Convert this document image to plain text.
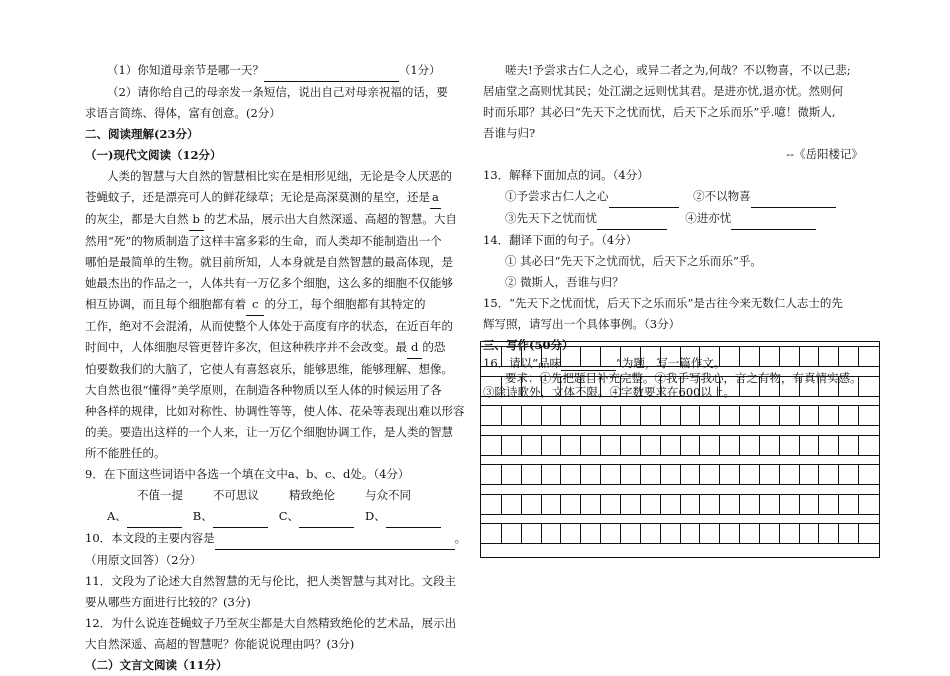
（1）你知道母亲节是哪一天？	（1分）
（2）请你给自己的母亲发一条短信，说出自己对母亲祝福的话，要
求语言简练、得体，富有创意。(2分）
二、阅读理解(23分）
（一)现代文阅读（12分）
人类的智慧与大自然的智慧相比实在是相形见绌，无论是令人厌恶的
苍蝇蚊子，还是漂亮可人的鲜花绿草；无论是高深莫测的星空，还是 a
的灰尘，都是大自然 b 的艺术品，展示出大自然深遥、高超的智慧。大自
然用“死”的物质制造了这样丰富多彩的生命，而人类却不能制造出一个
哪怕是最简单的生物。就目前所知，人本身就是自然智慧的最高体现，是
她最杰出的作品之一，人体共有一万亿多个细胞，这么多的细胞不仅能够
相互协调，而且每个细胞都有着 c 的分工，每个细胞都有其特定的
工作，绝对不会混淆，从而使整个人体处于高度有序的状态，在近百年的
时间中，人体细胞尽管更替许多次，但这种秩序并不会改变。最 d 的恐
怕要数我们的大脑了，它使人有喜怒哀乐，能够思维，能够理解、想像。
大自然也很“懂得”美学原则，在制造各种物质以至人体的时候运用了各
种各样的规律，比如对称性、协调性等等，使人体、花朵等表现出难以形容
的美。要造出这样的一个人来，让一万亿个细胞协调工作，是人类的智慧
所不能胜任的。
9．在下面这些词语中各选一个填在文中a、b、c、d处。（4分）
不值一提	不可思议	精致绝伦	与众不同
A、	B、	C、	D、
10．本文段的主要内容是	。
（用原文回答）（2分）
11．文段为了论述大自然智慧的无与伦比，把人类智慧与其对比。文段主
要从哪些方面进行比较的？(3分)
12．为什么说连苍蝇蚊子乃至灰尘都是大自然精致绝伦的艺术品，展示出
大自然深遥、高超的智慧呢？你能说说理由吗？(3分)
（二）文言文阅读（11分）
嗟夫!予尝求古仁人之心，或异二者之为,何哉？不以物喜，不以己悲;
居庙堂之高则忧其民；处江湖之远则忧其君。是进亦忧,退亦忧。然则何
时而乐耶？其必曰“先天下之忧而忧，后天下之乐而乐”乎.噫！微斯人,
吾谁与归?
--《岳阳楼记》
13．解释下面加点的词。（4分）
①予尝求古仁人之心	②不以物喜
③先天下之忧而忧	④进亦忧
14．翻译下面的句子。（4分）
① 其必曰“先天下之忧而忧，后天下之乐而乐”乎。
② 微斯人，吾谁与归？
15．“先天下之忧而忧，后天下之乐而乐”是古往今来无数仁人志士的先
辉写照，请写出一个具体事例。（3分）
三、写作(50分）
16．请以“品味	”为题，写一篇作文。
要求：①先把题目补充完整。②我手写我心，言之有物，有真情实感。
③除诗歌外，文体不限。④字数要求在600以上。
